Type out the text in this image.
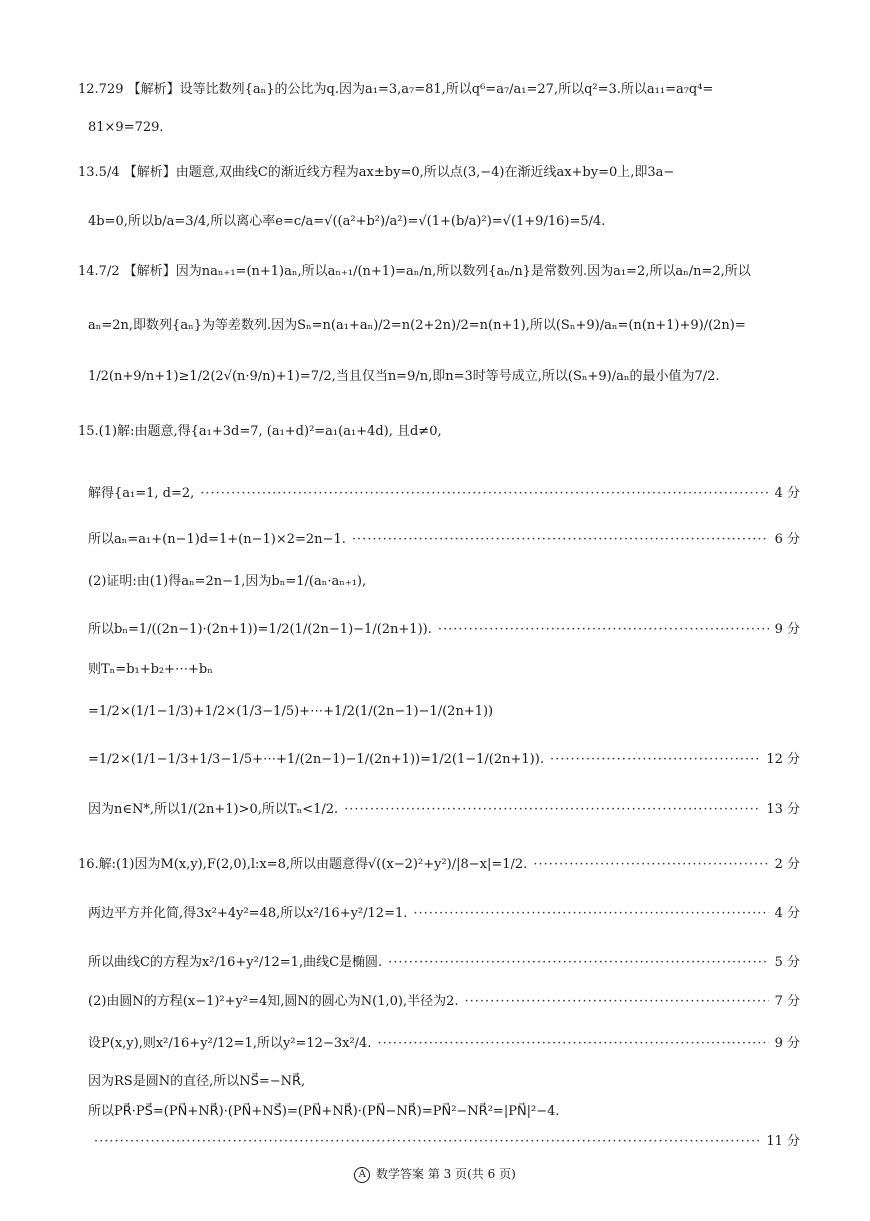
12.729 【解析】设等比数列{aₙ}的公比为q.因为a₁=3,a₇=81,所以q⁶=a₇/a₁=27,所以q²=3.所以a₁₁=a₇q⁴=
81×9=729.
13.5/4 【解析】由题意,双曲线C的渐近线方程为ax±by=0,所以点(3,−4)在渐近线ax+by=0上,即3a−
4b=0,所以b/a=3/4,所以离心率e=c/a=√((a²+b²)/a²)=√(1+(b/a)²)=√(1+9/16)=5/4.
14.7/2 【解析】因为naₙ₊₁=(n+1)aₙ,所以aₙ₊₁/(n+1)=aₙ/n,所以数列{aₙ/n}是常数列.因为a₁=2,所以aₙ/n=2,所以
aₙ=2n,即数列{aₙ}为等差数列.因为Sₙ=n(a₁+aₙ)/2=n(2+2n)/2=n(n+1),所以(Sₙ+9)/aₙ=(n(n+1)+9)/(2n)=
1/2(n+9/n+1)≥1/2(2√(n·9/n)+1)=7/2,当且仅当n=9/n,即n=3时等号成立,所以(Sₙ+9)/aₙ的最小值为7/2.
15.(1)解:由题意,得{a₁+3d=7, (a₁+d)²=a₁(a₁+4d), 且d≠0,
解得{a₁=1, d=2, ·····	4 分
所以aₙ=a₁+(n−1)d=1+(n−1)×2=2n−1. ·····	6 分
(2)证明:由(1)得aₙ=2n−1,因为bₙ=1/(aₙ·aₙ₊₁),
所以bₙ=1/((2n−1)·(2n+1))=1/2(1/(2n−1)−1/(2n+1)). ·····	9 分
则Tₙ=b₁+b₂+⋯+bₙ
=1/2×(1/1−1/3)+1/2×(1/3−1/5)+⋯+1/2(1/(2n−1)−1/(2n+1))
=1/2×(1/1−1/3+1/3−1/5+⋯+1/(2n−1)−1/(2n+1))=1/2(1−1/(2n+1)). ·····	12 分
因为n∈N*,所以1/(2n+1)>0,所以Tₙ<1/2. ·····	13 分
16.解:(1)因为M(x,y),F(2,0),l:x=8,所以由题意得√((x−2)²+y²)/|8−x|=1/2. ·····	2 分
两边平方并化简,得3x²+4y²=48,所以x²/16+y²/12=1. ·····	4 分
所以曲线C的方程为x²/16+y²/12=1,曲线C是椭圆. ·····	5 分
(2)由圆N的方程(x−1)²+y²=4知,圆N的圆心为N(1,0),半径为2. ·····	7 分
设P(x,y),则x²/16+y²/12=1,所以y²=12−3x²/4. ·····	9 分
因为RS是圆N的直径,所以NS⃗=−NR⃗,
所以PR⃗·PS⃗=(PN⃗+NR⃗)·(PN⃗+NS⃗)=(PN⃗+NR⃗)·(PN⃗−NR⃗)=PN⃗²−NR⃗²=|PN⃗|²−4.
·····
11 分
A 数学答案 第 3 页(共 6 页)
